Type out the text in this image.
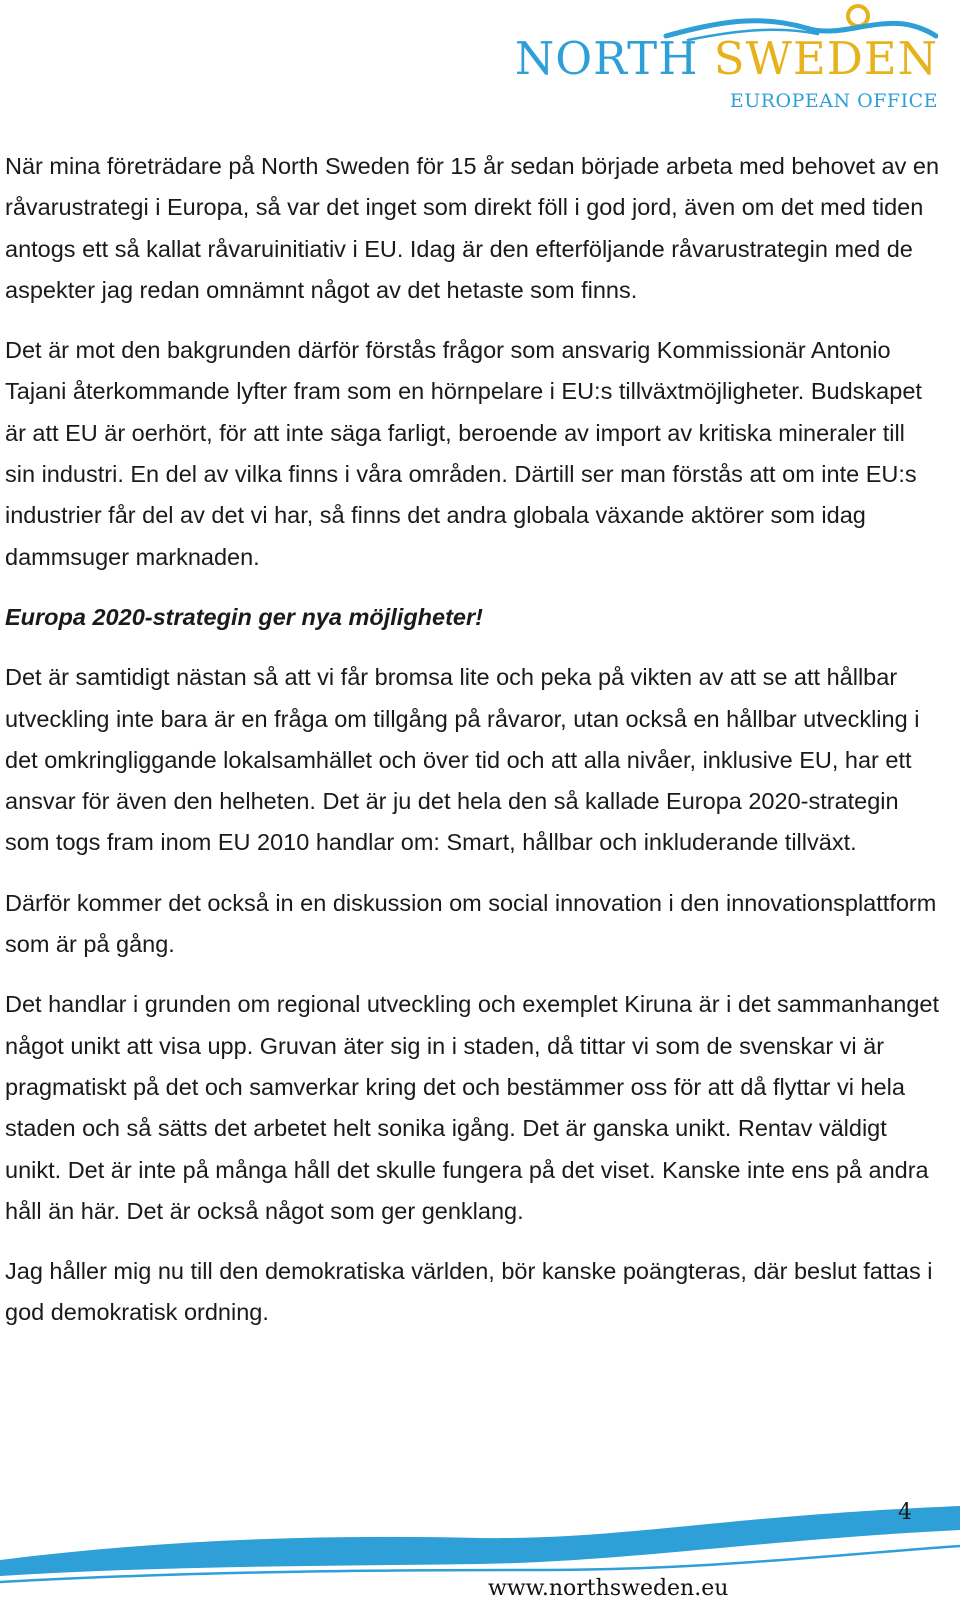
NORTH SWEDEN
EUROPEAN OFFICE

När mina företrädare på North Sweden för 15 år sedan började arbeta med behovet av en råvarustrategi i Europa, så var det inget som direkt föll i god jord, även om det med tiden antogs ett så kallat råvaruinitiativ i EU. Idag är den efterföljande råvarustrategin med de aspekter jag redan omnämnt något av det hetaste som finns.

Det är mot den bakgrunden därför förstås frågor som ansvarig Kommissionär Antonio Tajani återkommande lyfter fram som en hörnpelare i EU:s tillväxtmöjligheter. Budskapet är att EU är oerhört, för att inte säga farligt, beroende av import av kritiska mineraler till sin industri. En del av vilka finns i våra områden. Därtill ser man förstås att om inte EU:s industrier får del av det vi har, så finns det andra globala växande aktörer som idag dammsuger marknaden.

Europa 2020-strategin ger nya möjligheter!

Det är samtidigt nästan så att vi får bromsa lite och peka på vikten av att se att hållbar utveckling inte bara är en fråga om tillgång på råvaror, utan också en hållbar utveckling i det omkringliggande lokalsamhället och över tid och att alla nivåer, inklusive EU, har ett ansvar för även den helheten. Det är ju det hela den så kallade Europa 2020-strategin som togs fram inom EU 2010 handlar om: Smart, hållbar och inkluderande tillväxt.

Därför kommer det också in en diskussion om social innovation i den innovationsplattform som är på gång.

Det handlar i grunden om regional utveckling och exemplet Kiruna är i det sammanhanget något unikt att visa upp. Gruvan äter sig in i staden, då tittar vi som de svenskar vi är pragmatiskt på det och samverkar kring det och bestämmer oss för att då flyttar vi hela staden och så sätts det arbetet helt sonika igång. Det är ganska unikt. Rentav väldigt unikt. Det är inte på många håll det skulle fungera på det viset. Kanske inte ens på andra håll än här. Det är också något som ger genklang.

Jag håller mig nu till den demokratiska världen, bör kanske poängteras, där beslut fattas i god demokratisk ordning.

4
www.northsweden.eu
